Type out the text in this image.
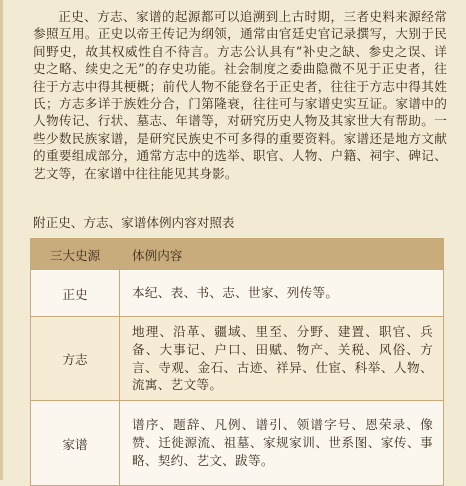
正史、方志、家谱的起源都可以追溯到上古时期，三者史料来源经常参照互用。正史以帝王传记为纲领，通常由官廷史官记录撰写，大别于民间野史，故其权威性自不待言。方志公认具有“补史之缺、参史之误、详史之略、续史之无”的存史功能。社会制度之委曲隐微不见于正史者，往往于方志中得其梗概；前代人物不能登名于正史者，往往于方志中得其姓氏；方志多详于族姓分合，门第隆衰，往往可与家谱史实互证。家谱中的人物传记、行状、墓志、年谱等，对研究历史人物及其家世大有帮助。一些少数民族家谱，是研究民族史不可多得的重要资料。家谱还是地方文献的重要组成部分，通常方志中的选举、职官、人物、户籍、祠宇、碑记、艺文等，在家谱中往往能见其身影。

附正史、方志、家谱体例内容对照表

三大史源	体例内容
正史	本纪、表、书、志、世家、列传等。
方志	地理、沿革、疆域、里至、分野、建置、职官、兵备、大事记、户口、田赋、物产、关税、风俗、方言、寺观、金石、古迹、祥异、仕宦、科举、人物、流寓、艺文等。
家谱	谱序、题辞、凡例、谱引、领谱字号、恩荣录、像赞、迁徙源流、祖墓、家规家训、世系图、家传、事略、契约、艺文、跋等。
